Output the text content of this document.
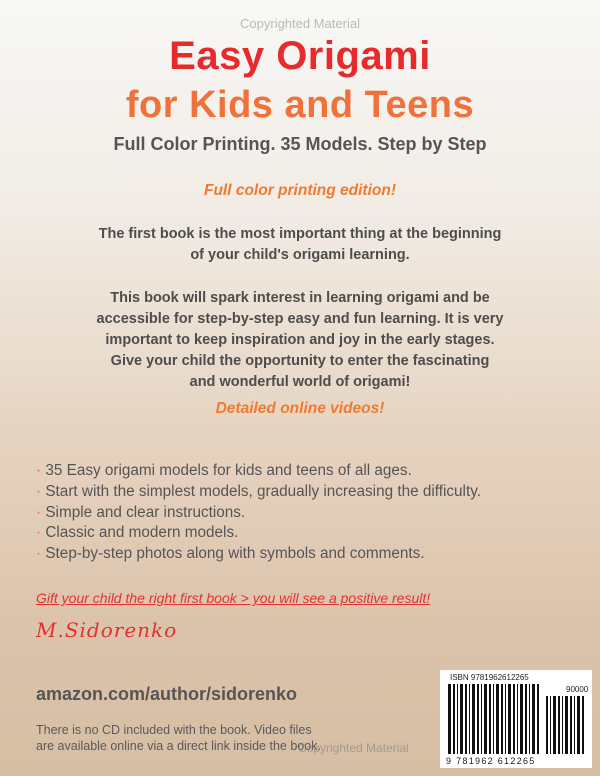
Copyrighted Material
Easy Origami
for Kids and Teens
Full Color Printing. 35 Models. Step by Step
Full color printing edition!
The first book is the most important thing at the beginning
of your child's origami learning.
This book will spark interest in learning origami and be
accessible for step-by-step easy and fun learning. It is very
important to keep inspiration and joy in the early stages.
Give your child the opportunity to enter the fascinating
and wonderful world of origami!
Detailed online videos!
· 35 Easy origami models for kids and teens of all ages.
· Start with the simplest models, gradually increasing the difficulty.
· Simple and clear instructions.
· Classic and modern models.
· Step-by-step photos along with symbols and comments.
Gift your child the right first book > you will see a positive result!
M.Sidorenko
amazon.com/author/sidorenko
There is no CD included with the book. Video files
are available online via a direct link inside the book.
Copyrighted Material
ISBN 9781962612265
90000
9 781962 612265
